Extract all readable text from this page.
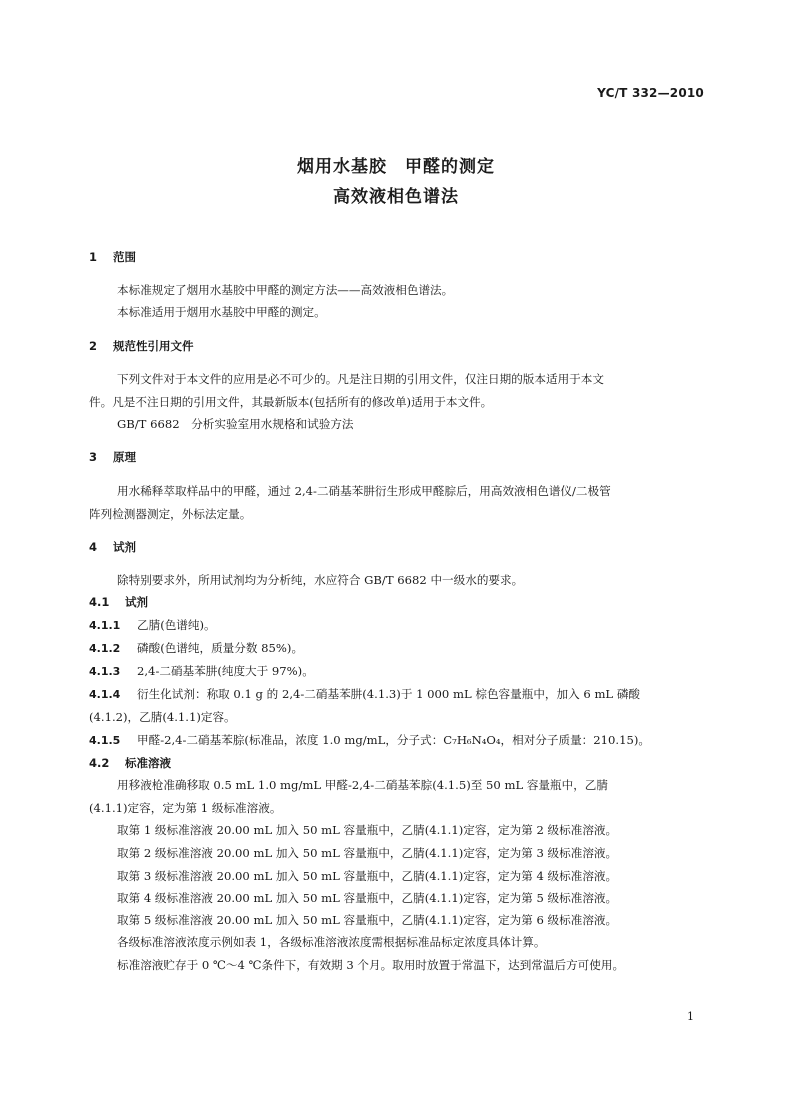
YC/T 332—2010
烟用水基胶　甲醛的测定
高效液相色谱法
1 范围
本标准规定了烟用水基胶中甲醛的测定方法——高效液相色谱法。
本标准适用于烟用水基胶中甲醛的测定。
2 规范性引用文件
下列文件对于本文件的应用是必不可少的。凡是注日期的引用文件，仅注日期的版本适用于本文
件。凡是不注日期的引用文件，其最新版本(包括所有的修改单)适用于本文件。
GB/T 6682　分析实验室用水规格和试验方法
3 原理
用水稀释萃取样品中的甲醛，通过 2,4-二硝基苯肼衍生形成甲醛腙后，用高效液相色谱仪/二极管
阵列检测器测定，外标法定量。
4 试剂
除特别要求外，所用试剂均为分析纯，水应符合 GB/T 6682 中一级水的要求。
4.1 试剂
4.1.1 乙腈(色谱纯)。
4.1.2 磷酸(色谱纯，质量分数 85%)。
4.1.3 2,4-二硝基苯肼(纯度大于 97%)。
4.1.4 衍生化试剂：称取 0.1 g 的 2,4-二硝基苯肼(4.1.3)于 1 000 mL 棕色容量瓶中，加入 6 mL 磷酸
(4.1.2)，乙腈(4.1.1)定容。
4.1.5 甲醛-2,4-二硝基苯腙(标准品，浓度 1.0 mg/mL，分子式：C₇H₆N₄O₄，相对分子质量：210.15)。
4.2 标准溶液
用移液枪准确移取 0.5 mL 1.0 mg/mL 甲醛-2,4-二硝基苯腙(4.1.5)至 50 mL 容量瓶中，乙腈
(4.1.1)定容，定为第 1 级标准溶液。
取第 1 级标准溶液 20.00 mL 加入 50 mL 容量瓶中，乙腈(4.1.1)定容，定为第 2 级标准溶液。
取第 2 级标准溶液 20.00 mL 加入 50 mL 容量瓶中，乙腈(4.1.1)定容，定为第 3 级标准溶液。
取第 3 级标准溶液 20.00 mL 加入 50 mL 容量瓶中，乙腈(4.1.1)定容，定为第 4 级标准溶液。
取第 4 级标准溶液 20.00 mL 加入 50 mL 容量瓶中，乙腈(4.1.1)定容，定为第 5 级标准溶液。
取第 5 级标准溶液 20.00 mL 加入 50 mL 容量瓶中，乙腈(4.1.1)定容，定为第 6 级标准溶液。
各级标准溶液浓度示例如表 1，各级标准溶液浓度需根据标准品标定浓度具体计算。
标准溶液贮存于 0 ℃～4 ℃条件下，有效期 3 个月。取用时放置于常温下，达到常温后方可使用。
1
